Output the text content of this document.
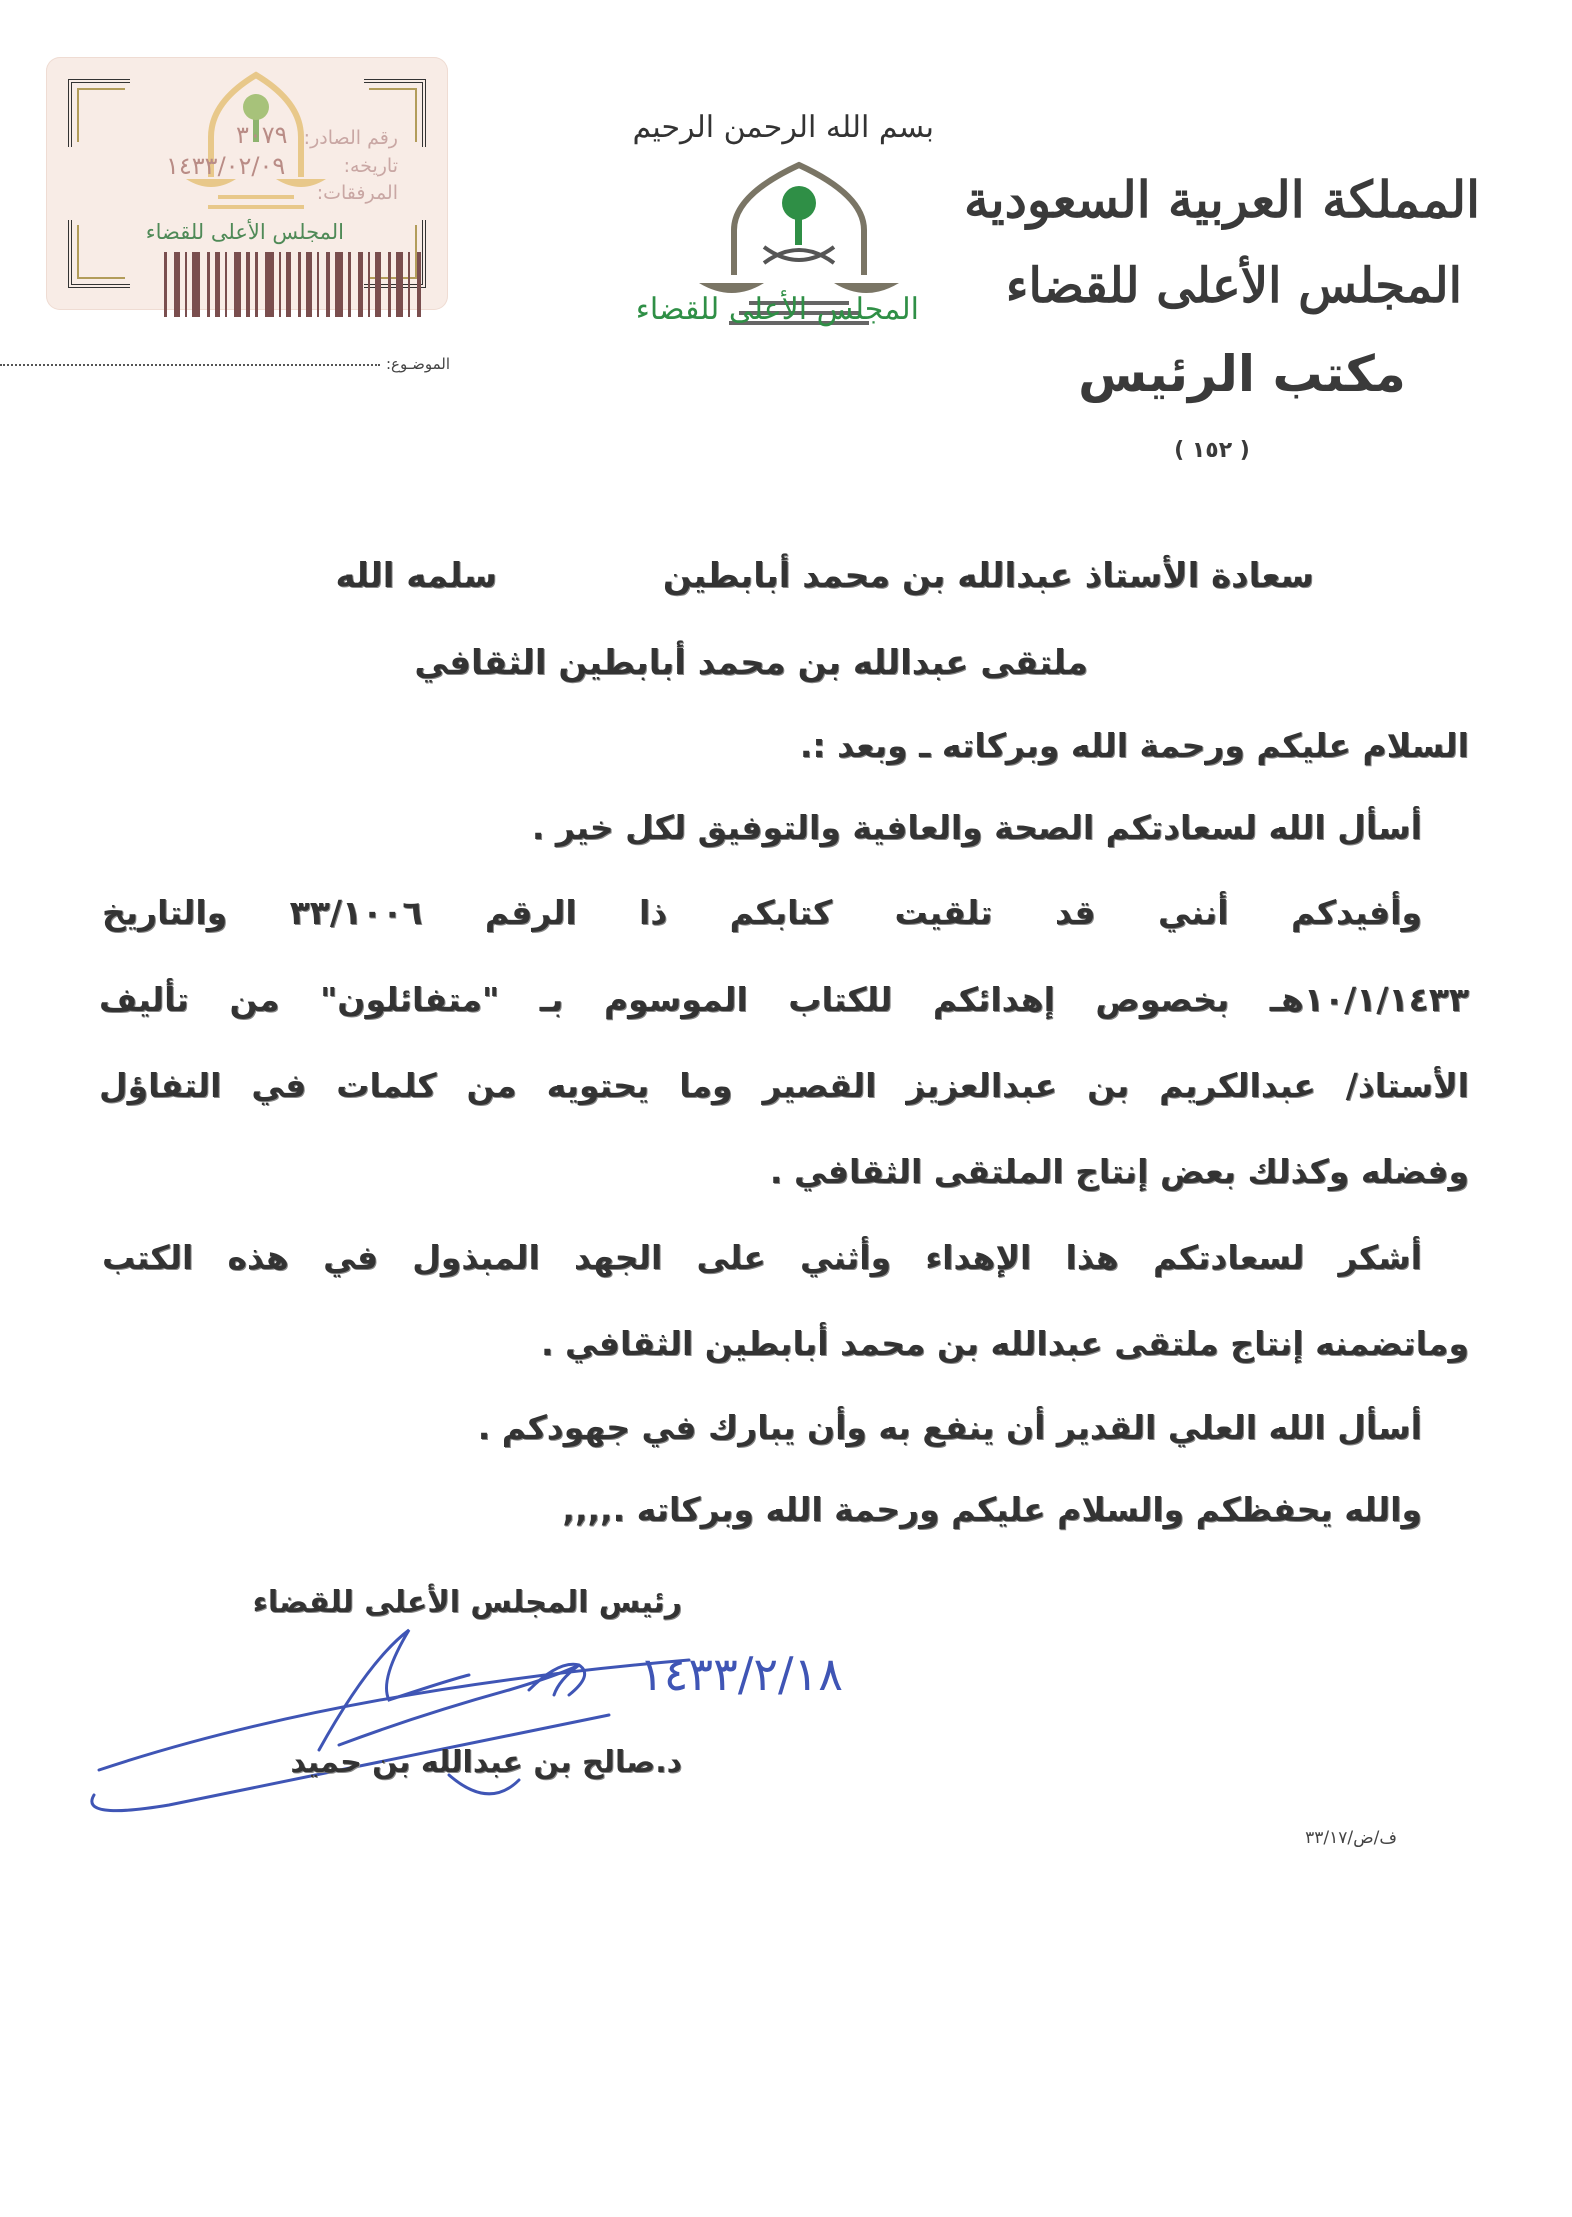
المملكة العربية السعودية
المجلس الأعلى للقضاء
مكتب الرئيس
( ١٥٢ )
بسم الله الرحمن الرحيم
المجلس الأعلى للقضاء
رقم الصادر:
تاريخه:
المرفقات:
٣٠٧٩
١٤٣٣/٠٢/٠٩
المجلس الأعلى للقضاء
الموضـوع:
سعادة الأستاذ عبدالله بن محمد أبابطين
سلمه الله
ملتقى عبدالله بن محمد أبابطين الثقافي
السلام عليكم ورحمة الله وبركاته ـ وبعد :.
أسأل الله لسعادتكم الصحة والعافية والتوفيق لكل خير .
وأفيدكم أنني قد تلقيت كتابكم ذا الرقم ٣٣/١٠٠٦ والتاريخ
١٠/١/١٤٣٣هـ بخصوص إهدائكم للكتاب الموسوم بـ "متفائلون" من تأليف
الأستاذ/ عبدالكريم بن عبدالعزيز القصير وما يحتويه من كلمات في التفاؤل
وفضله وكذلك بعض إنتاج الملتقى الثقافي .
أشكر لسعادتكم هذا الإهداء وأثني على الجهد المبذول في هذه الكتب
وماتضمنه إنتاج ملتقى عبدالله بن محمد أبابطين الثقافي .
أسأل الله العلي القدير أن ينفع به وأن يبارك في جهودكم .
والله يحفظكم والسلام عليكم ورحمة الله وبركاته .,,,,
رئيس المجلس الأعلى للقضاء
١٤٣٣/٢/١٨
د.صالح بن عبدالله بن حميد
ف/ض/٣٣/١٧
